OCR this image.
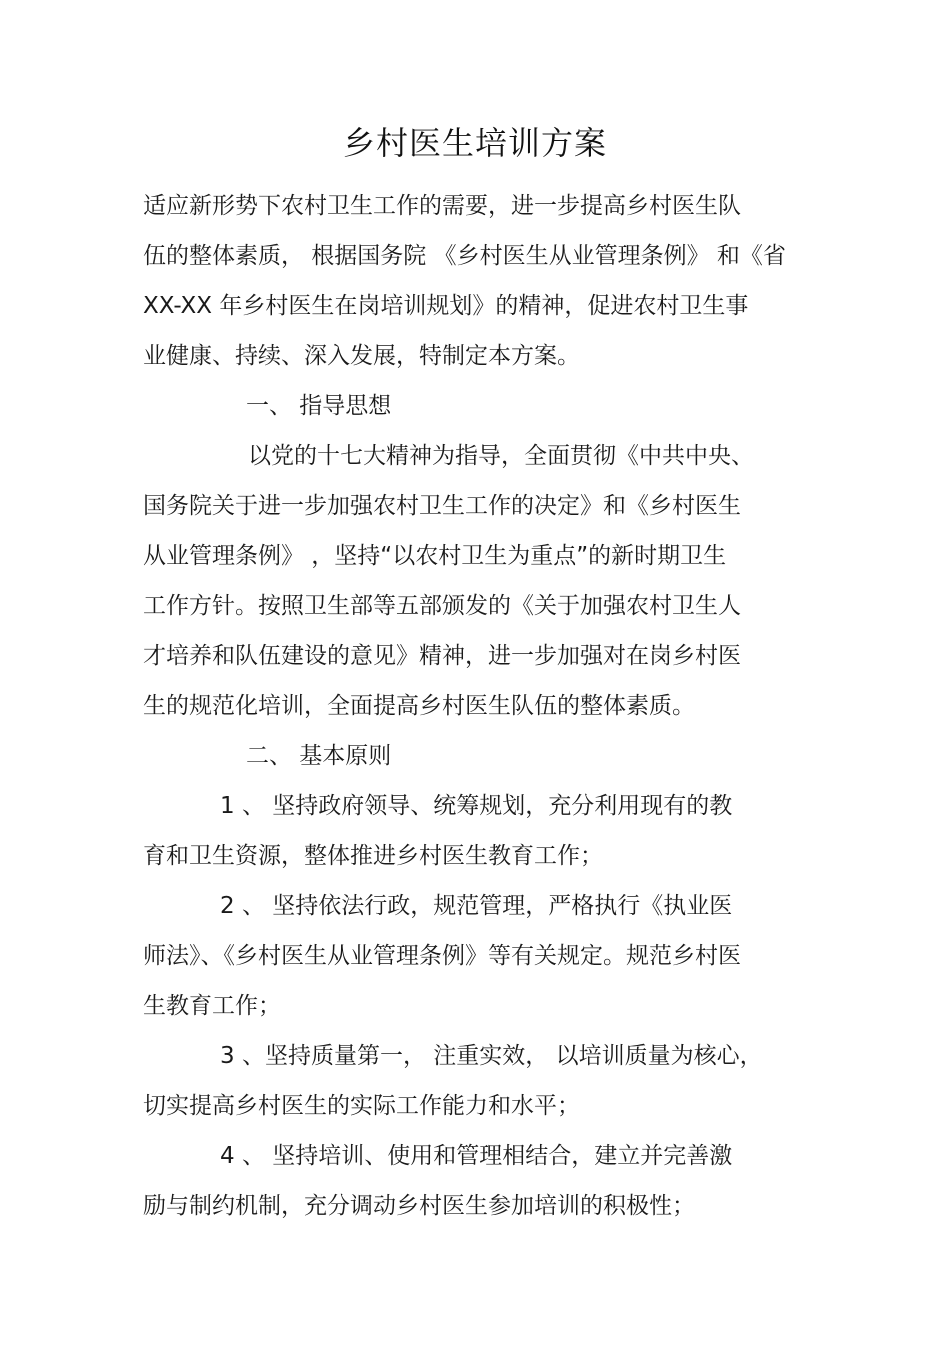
乡村医生培训方案
适应新形势下农村卫生工作的需要，进一步提高乡村医生队
伍的整体素质， 根据国务院 《乡村医生从业管理条例》 和《省
XX-XX 年乡村医生在岗培训规划》的精神，促进农村卫生事
业健康、持续、深入发展，特制定本方案。
一、 指导思想
以党的十七大精神为指导，全面贯彻《中共中央、
国务院关于进一步加强农村卫生工作的决定》和《乡村医生
从业管理条例》 ，坚持“以农村卫生为重点”的新时期卫生
工作方针。按照卫生部等五部颁发的《关于加强农村卫生人
才培养和队伍建设的意见》精神，进一步加强对在岗乡村医
生的规范化培训，全面提高乡村医生队伍的整体素质。
二、 基本原则
1 、 坚持政府领导、统筹规划，充分利用现有的教
育和卫生资源，整体推进乡村医生教育工作；
2 、 坚持依法行政，规范管理，严格执行《执业医
师法》、《乡村医生从业管理条例》等有关规定。规范乡村医
生教育工作；
3 、坚持质量第一， 注重实效， 以培训质量为核心，
切实提高乡村医生的实际工作能力和水平；
4 、 坚持培训、使用和管理相结合，建立并完善激
励与制约机制，充分调动乡村医生参加培训的积极性；
